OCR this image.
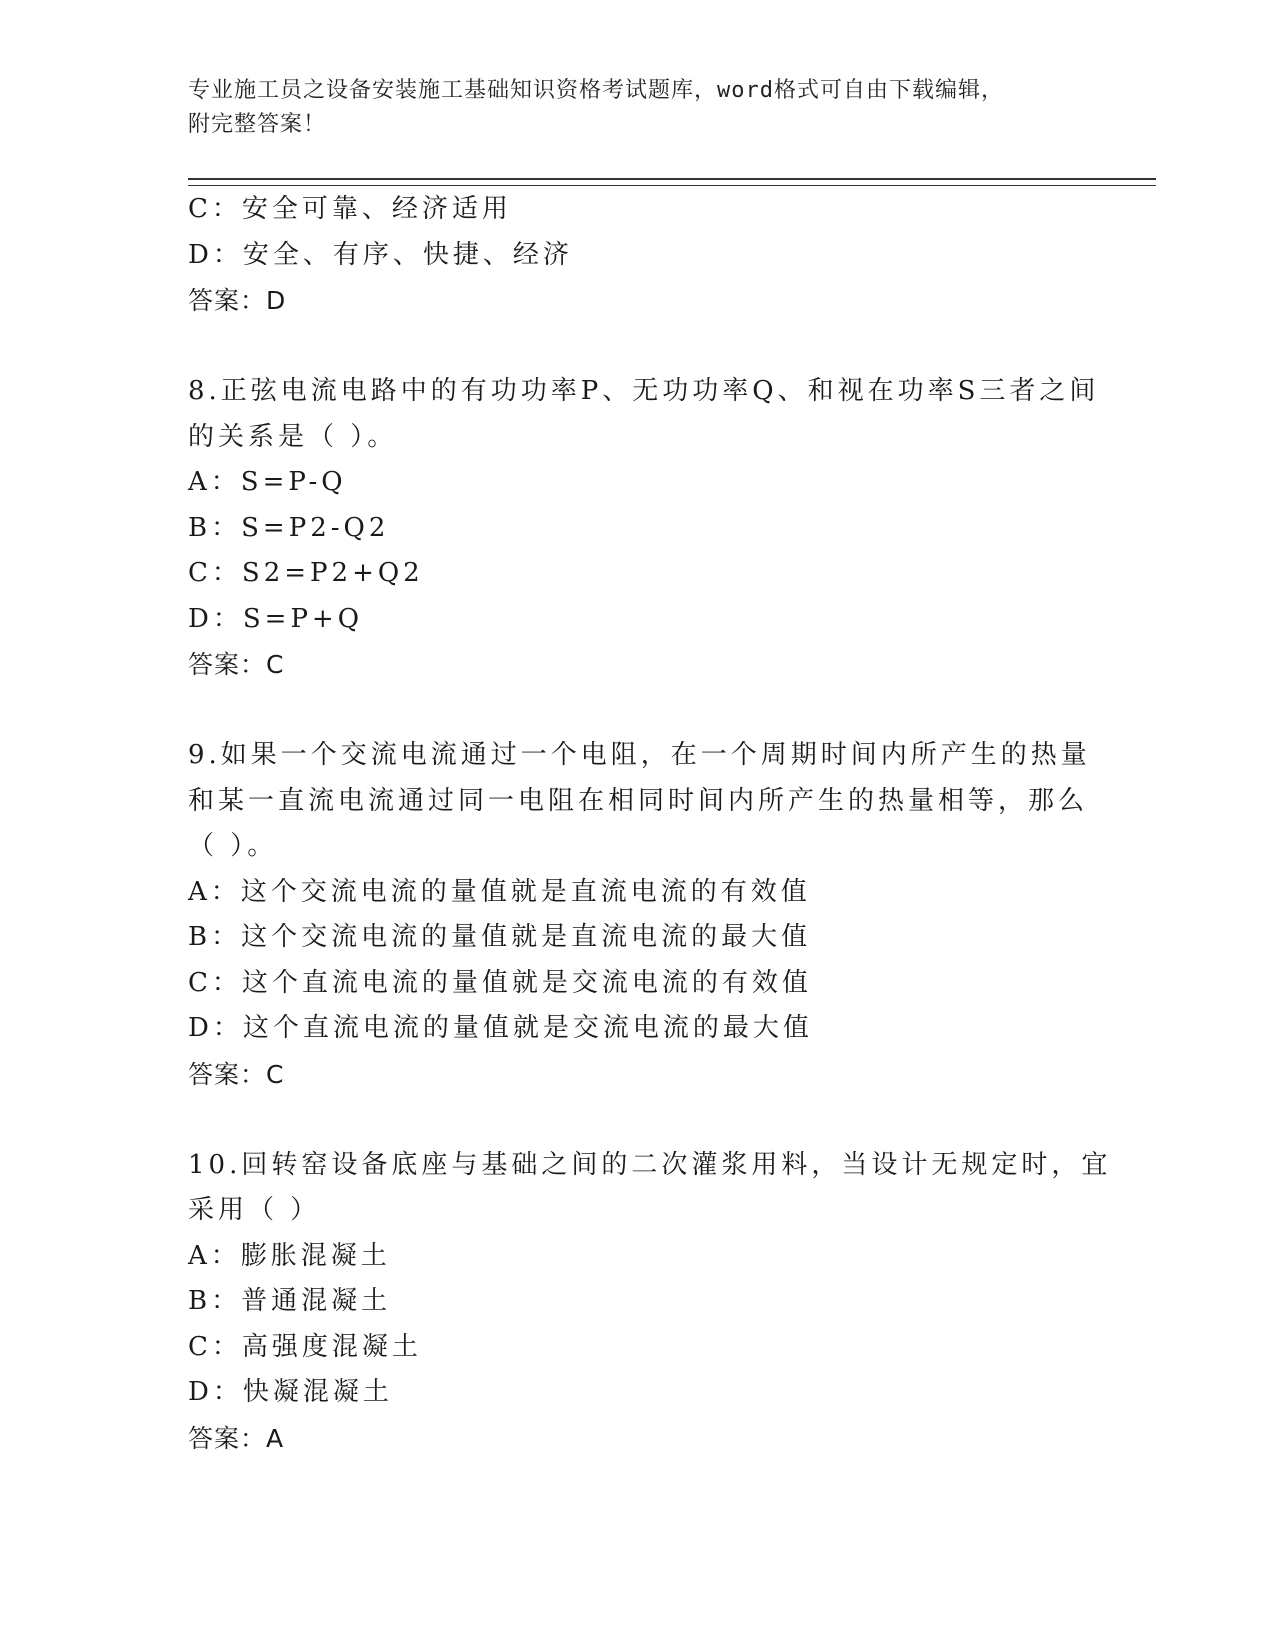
专业施工员之设备安装施工基础知识资格考试题库，word格式可自由下载编辑，
附完整答案！
C：安全可靠、经济适用
D：安全、有序、快捷、经济
答案：D
8.正弦电流电路中的有功功率P、无功功率Q、和视在功率S三者之间
的关系是（ ）。
A：S=P-Q
B：S=P2-Q2
C：S2=P2+Q2
D：S=P+Q
答案：C
9.如果一个交流电流通过一个电阻，在一个周期时间内所产生的热量
和某一直流电流通过同一电阻在相同时间内所产生的热量相等，那么
（ ）。
A：这个交流电流的量值就是直流电流的有效值
B：这个交流电流的量值就是直流电流的最大值
C：这个直流电流的量值就是交流电流的有效值
D：这个直流电流的量值就是交流电流的最大值
答案：C
10.回转窑设备底座与基础之间的二次灌浆用料，当设计无规定时，宜
采用（ ）
A：膨胀混凝土
B：普通混凝土
C：高强度混凝土
D：快凝混凝土
答案：A
